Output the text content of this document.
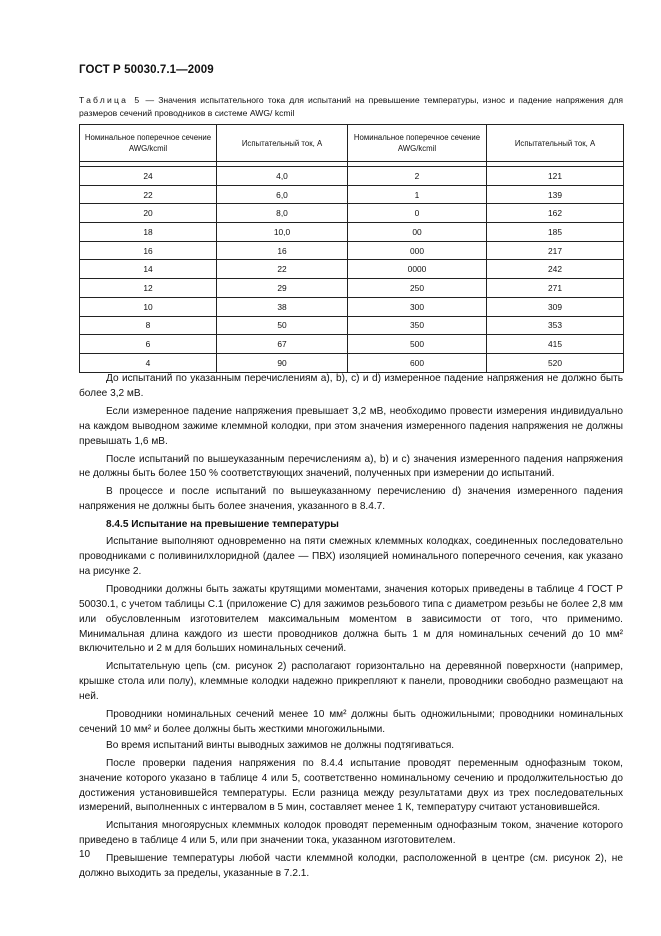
ГОСТ Р 50030.7.1—2009
Таблица 5 — Значения испытательного тока для испытаний на превышение температуры, износ и падение напряжения для размеров сечений проводников в системе AWG/ kcmil
Номинальное поперечное сечение AWG/kcmil	Испытательный ток, А	Номинальное поперечное сечение AWG/kcmil	Испытательный ток, А

24	4,0	2	121
22	6,0	1	139
20	8,0	0	162
18	10,0	00	185
16	16	000	217
14	22	0000	242
12	29	250	271
10	38	300	309
8	50	350	353
6	67	500	415
4	90	600	520

До испытаний по указанным перечислениям a), b), c) и d) измеренное падение напряжения не должно быть более 3,2 мВ.

Если измеренное падение напряжения превышает 3,2 мВ, необходимо провести измерения индивидуально на каждом выводном зажиме клеммной колодки, при этом значения измеренного падения напряжения не должны превышать 1,6 мВ.

После испытаний по вышеуказанным перечислениям a), b) и c) значения измеренного падения напряжения не должны быть более 150 % соответствующих значений, полученных при измерении до испытаний.

В процессе и после испытаний по вышеуказанному перечислению d) значения измеренного падения напряжения не должны быть более значения, указанного в 8.4.7.

8.4.5 Испытание на превышение температуры

Испытание выполняют одновременно на пяти смежных клеммных колодках, соединенных последовательно проводниками с поливинилхлоридной (далее — ПВХ) изоляцией номинального поперечного сечения, как указано на рисунке 2.

Проводники должны быть зажаты крутящими моментами, значения которых приведены в таблице 4 ГОСТ Р 50030.1, с учетом таблицы С.1 (приложение С) для зажимов резьбового типа с диаметром резьбы не более 2,8 мм или обусловленным изготовителем максимальным моментом в зависимости от того, что применимо. Минимальная длина каждого из шести проводников должна быть 1 м для номинальных сечений до 10 мм² включительно и 2 м для больших номинальных сечений.

Испытательную цепь (см. рисунок 2) располагают горизонтально на деревянной поверхности (например, крышке стола или полу), клеммные колодки надежно прикрепляют к панели, проводники свободно размещают на ней.

Проводники номинальных сечений менее 10 мм² должны быть одножильными; проводники номинальных сечений 10 мм² и более должны быть жесткими многожильными.

Во время испытаний винты выводных зажимов не должны подтягиваться.

После проверки падения напряжения по 8.4.4 испытание проводят переменным однофазным током, значение которого указано в таблице 4 или 5, соответственно номинальному сечению и продолжительностью до достижения установившейся температуры. Если разница между результатами двух из трех последовательных измерений, выполненных с интервалом в 5 мин, составляет менее 1 К, температуру считают установившейся.

Испытания многоярусных клеммных колодок проводят переменным однофазным током, значение которого приведено в таблице 4 или 5, или при значении тока, указанном изготовителем.

Превышение температуры любой части клеммной колодки, расположенной в центре (см. рисунок 2), не должно выходить за пределы, указанные в 7.2.1.

10
